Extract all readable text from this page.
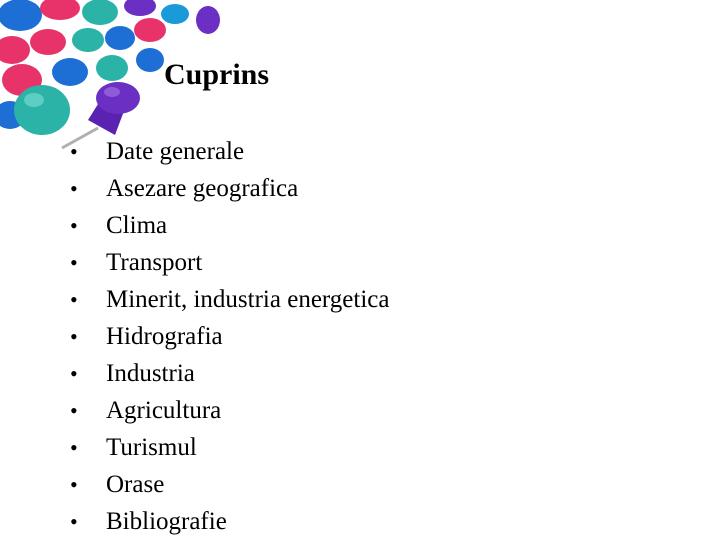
Cuprins
•	Date generale
•	Asezare geografica
•	Clima
•	Transport
•	Minerit, industria energetica
•	Hidrografia
•	Industria
•	Agricultura
•	Turismul
•	Orase
•	Bibliografie
